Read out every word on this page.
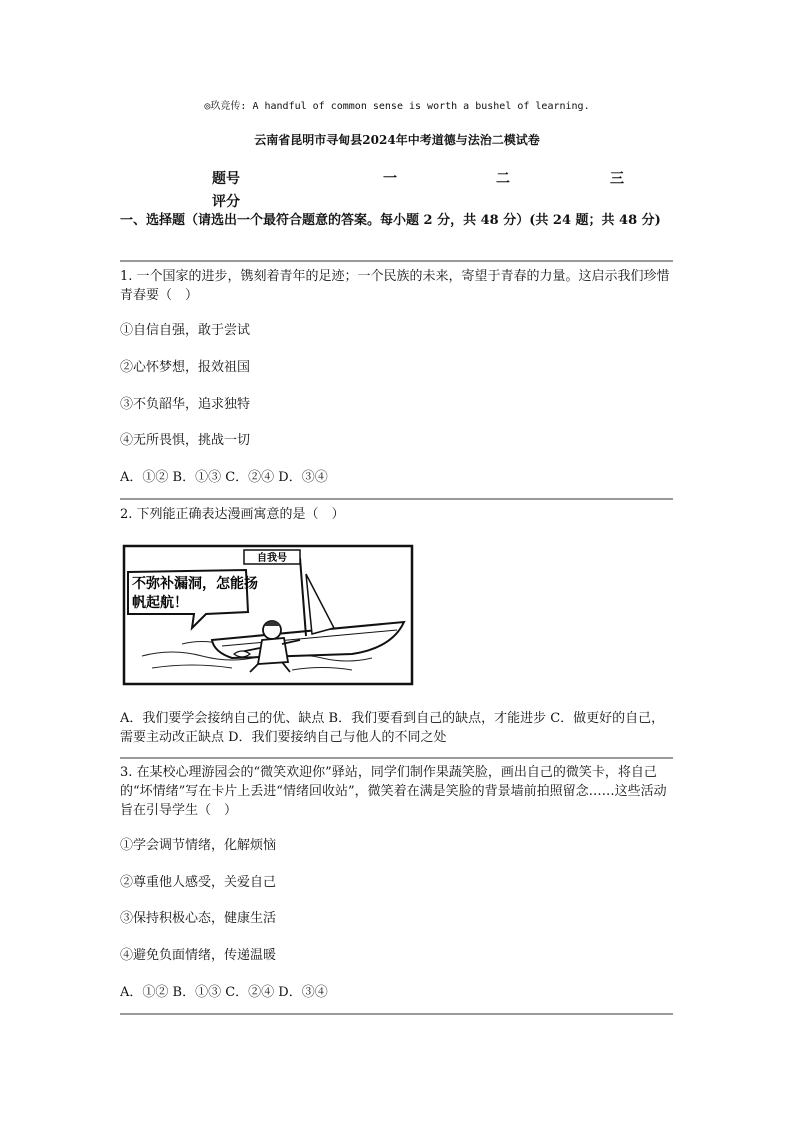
◎玖竞传: A handful of common sense is worth a bushel of learning.
云南省昆明市寻甸县2024年中考道德与法治二模试卷
题号	一	二	三
评分
一、选择题（请选出一个最符合题意的答案。每小题 2 分，共 48 分）(共 24 题；共 48 分)
1. 一个国家的进步，镌刻着青年的足迹；一个民族的未来，寄望于青春的力量。这启示我们珍惜青春要（　）
①自信自强，敢于尝试
②心怀梦想，报效祖国
③不负韶华，追求独特
④无所畏惧，挑战一切
A．①② B．①③ C．②④ D．③④
2. 下列能正确表达漫画寓意的是（　）
自我号
不弥补漏洞，怎能扬
帆起航！
A．我们要学会接纳自己的优、缺点 B．我们要看到自己的缺点，才能进步 C．做更好的自己，需要主动改正缺点 D．我们要接纳自己与他人的不同之处
3. 在某校心理游园会的“微笑欢迎你”驿站，同学们制作果蔬笑脸，画出自己的微笑卡，将自己的“坏情绪”写在卡片上丢进“情绪回收站”，微笑着在满是笑脸的背景墙前拍照留念……这些活动旨在引导学生（　）
①学会调节情绪，化解烦恼
②尊重他人感受，关爱自己
③保持积极心态，健康生活
④避免负面情绪，传递温暖
A．①② B．①③ C．②④ D．③④
